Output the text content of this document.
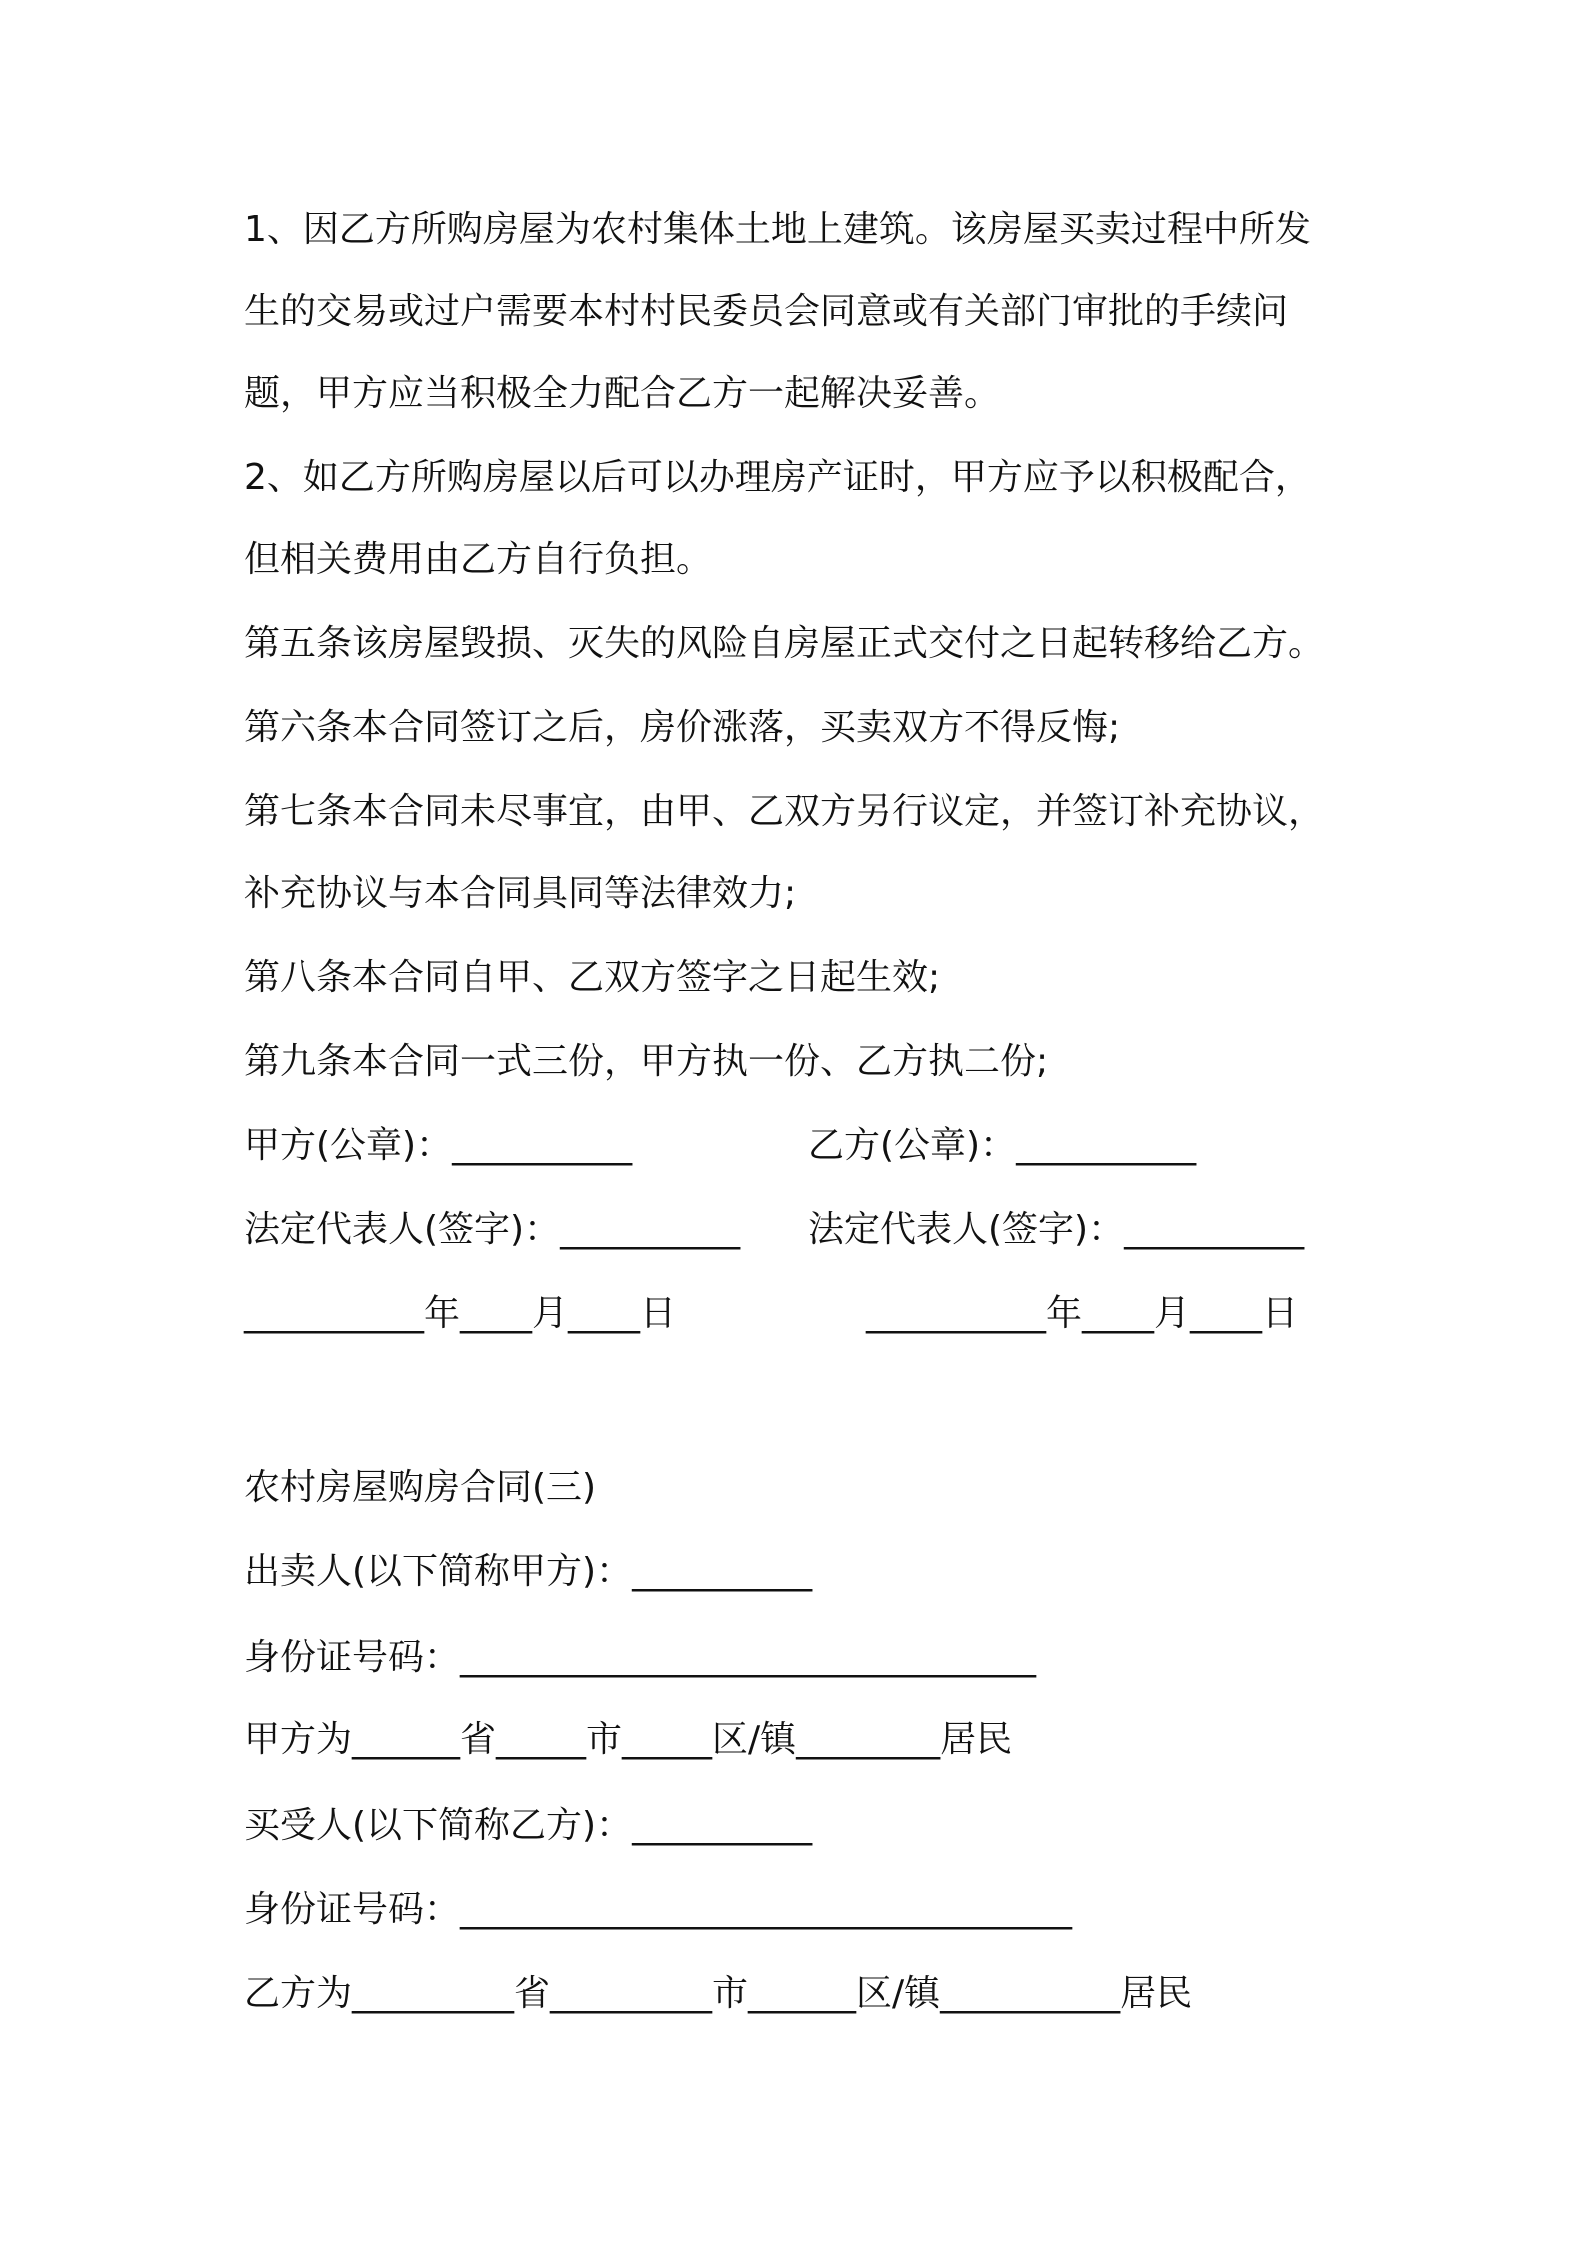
1、因乙方所购房屋为农村集体土地上建筑。该房屋买卖过程中所发
生的交易或过户需要本村村民委员会同意或有关部门审批的手续问
题，甲方应当积极全力配合乙方一起解决妥善。
2、如乙方所购房屋以后可以办理房产证时，甲方应予以积极配合，
但相关费用由乙方自行负担。
第五条该房屋毁损、灭失的风险自房屋正式交付之日起转移给乙方。
第六条本合同签订之后，房价涨落，买卖双方不得反悔;
第七条本合同未尽事宜，由甲、乙双方另行议定，并签订补充协议，
补充协议与本合同具同等法律效力;
第八条本合同自甲、乙双方签字之日起生效;
第九条本合同一式三份，甲方执一份、乙方执二份;
甲方(公章)：__________	乙方(公章)：__________
法定代表人(签字)：__________ 法定代表人(签字)：__________
__________年____月____日	__________年____月____日
农村房屋购房合同(三)
出卖人(以下简称甲方)：__________
身份证号码：________________________________
甲方为______省_____市_____区/镇________居民
买受人(以下简称乙方)：__________
身份证号码：__________________________________
乙方为_________省_________市______区/镇__________居民
